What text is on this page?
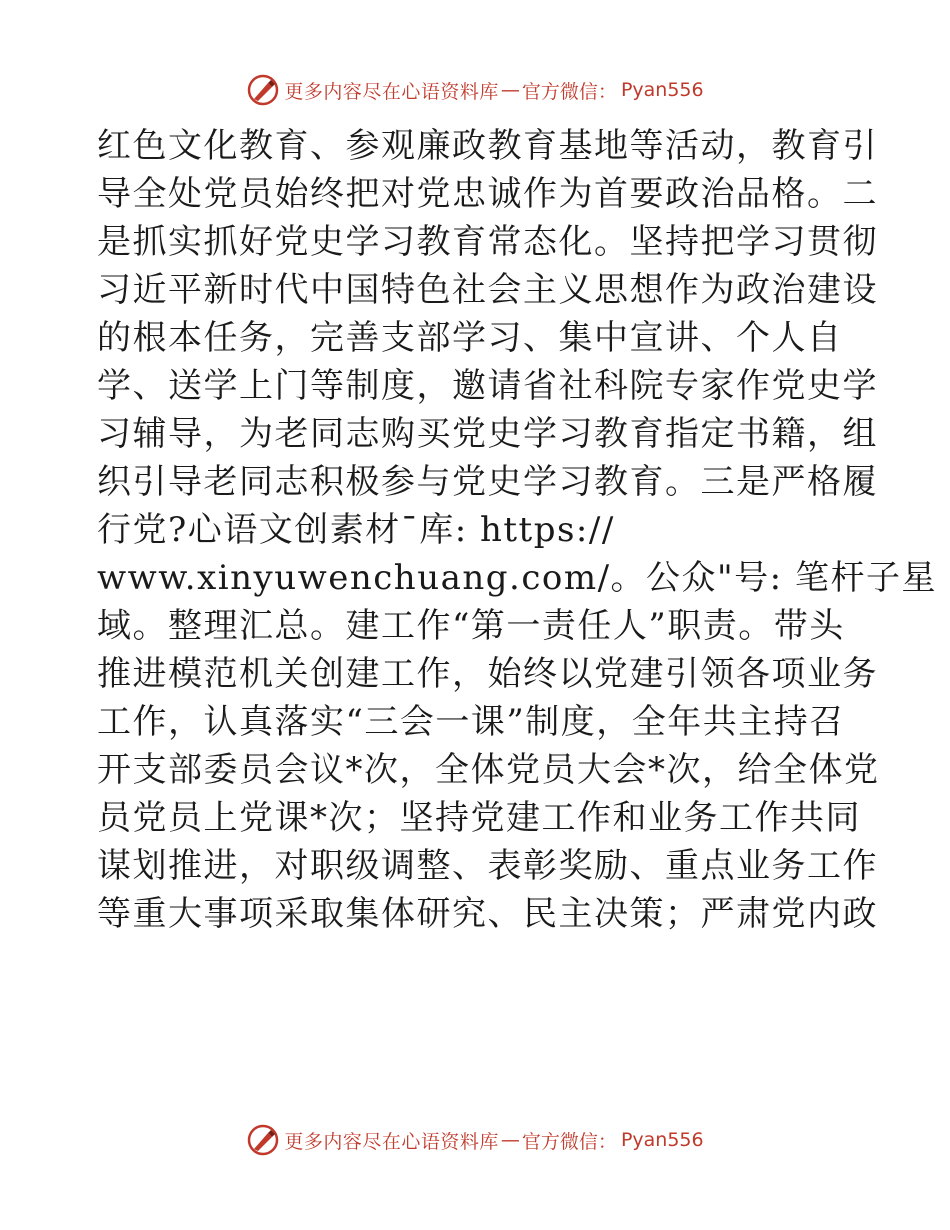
更多内容尽在心语资料库 — 官方微信： Pyan556
红色文化教育、参观廉政教育基地等活动，教育引
导全处党员始终把对党忠诚作为首要政治品格。二
是抓实抓好党史学习教育常态化。坚持把学习贯彻
习近平新时代中国特色社会主义思想作为政治建设
的根本任务，完善支部学习、集中宣讲、个人自
学、送学上门等制度，邀请省社科院专家作党史学
习辅导，为老同志购买党史学习教育指定书籍，组
织引导老同志积极参与党史学习教育。三是严格履
行党?心语文创素材¯库: https://
www.xinyuwenchuang.com/。公众"号: 笔杆子星
域。整理汇总。建工作“第一责任人”职责。带头
推进模范机关创建工作，始终以党建引领各项业务
工作，认真落实“三会一课”制度，全年共主持召
开支部委员会议*次，全体党员大会*次，给全体党
员党员上党课*次；坚持党建工作和业务工作共同
谋划推进，对职级调整、表彰奖励、重点业务工作
等重大事项采取集体研究、民主决策；严肃党内政
更多内容尽在心语资料库 — 官方微信： Pyan556
